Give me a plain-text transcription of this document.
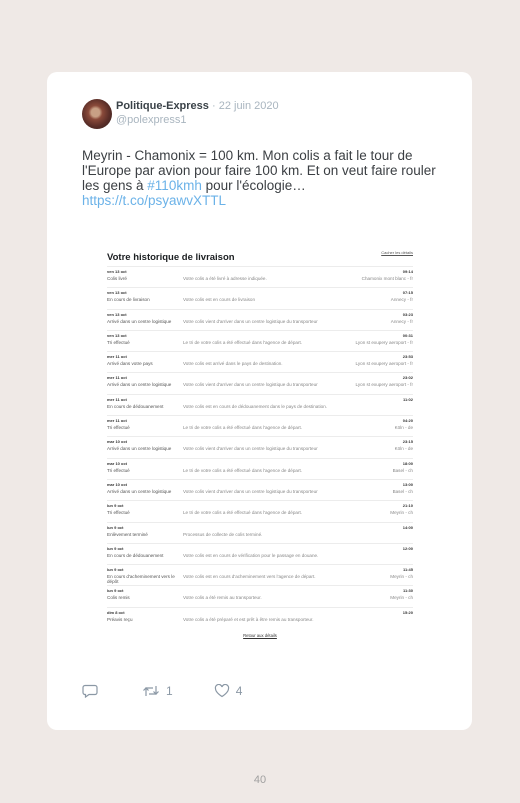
Politique-Express · 22 juin 2020
@polexpress1
Meyrin - Chamonix = 100 km. Mon colis a fait le tour de l'Europe par avion pour faire 100 km. Et on veut faire rouler les gens à #110kmh pour l'écologie…
https://t.co/psyawvXTTL
Votre historique de livraison	Cacher les détails
ven 13 oct	09:14
Colis livré	Votre colis a été livré à adresse indiquée.	Chamonix mont blanc - fr
ven 13 oct	07:15
En cours de livraison	Votre colis est en cours de livraison	Annecy - fr
ven 13 oct	03:23
Arrivé dans un centre logistique	Votre colis vient d'arriver dans un centre logistique du transporteur	Annecy - fr
ven 13 oct	00:31
Tri effectué	Le tri de votre colis a été effectué dans l'agence de départ.	Lyon st exupery aeroport - fr
mer 11 oct	23:53
Arrivé dans votre pays	Votre colis est arrivé dans le pays de destination.	Lyon st exupery aeroport - fr
mer 11 oct	23:02
Arrivé dans un centre logistique	Votre colis vient d'arriver dans un centre logistique du transporteur	Lyon st exupery aeroport - fr
mer 11 oct	11:02
En cours de dédouanement	Votre colis est en cours de dédouanement dans le pays de destination.
mer 11 oct	04:20
Tri effectué	Le tri de votre colis a été effectué dans l'agence de départ.	Köln - de
mar 10 oct	23:15
Arrivé dans un centre logistique	Votre colis vient d'arriver dans un centre logistique du transporteur	Köln - de
mar 10 oct	18:00
Tri effectué	Le tri de votre colis a été effectué dans l'agence de départ.	Basel - ch
mar 10 oct	13:00
Arrivé dans un centre logistique	Votre colis vient d'arriver dans un centre logistique du transporteur	Basel - ch
lun 9 oct	21:10
Tri effectué	Le tri de votre colis a été effectué dans l'agence de départ.	Meyrin - ch
lun 9 oct	14:00
Enlèvement terminé	Processus de collecte de colis terminé.
lun 9 oct	12:00
En cours de dédouanement	Votre colis est en cours de vérification pour le passage en douane.
lun 9 oct	11:45
En cours d'acheminement vers le dépôt
Votre colis est en cours d'acheminement vers l'agence de départ.	Meyrin - ch
lun 9 oct	11:30
Colis remis	Votre colis a été remis au transporteur.	Meyrin - ch
dim 8 oct	15:20
Préavis reçu	Votre colis a été préparé et est prêt à être remis au transporteur.
Retour aux détails
1	4
40
